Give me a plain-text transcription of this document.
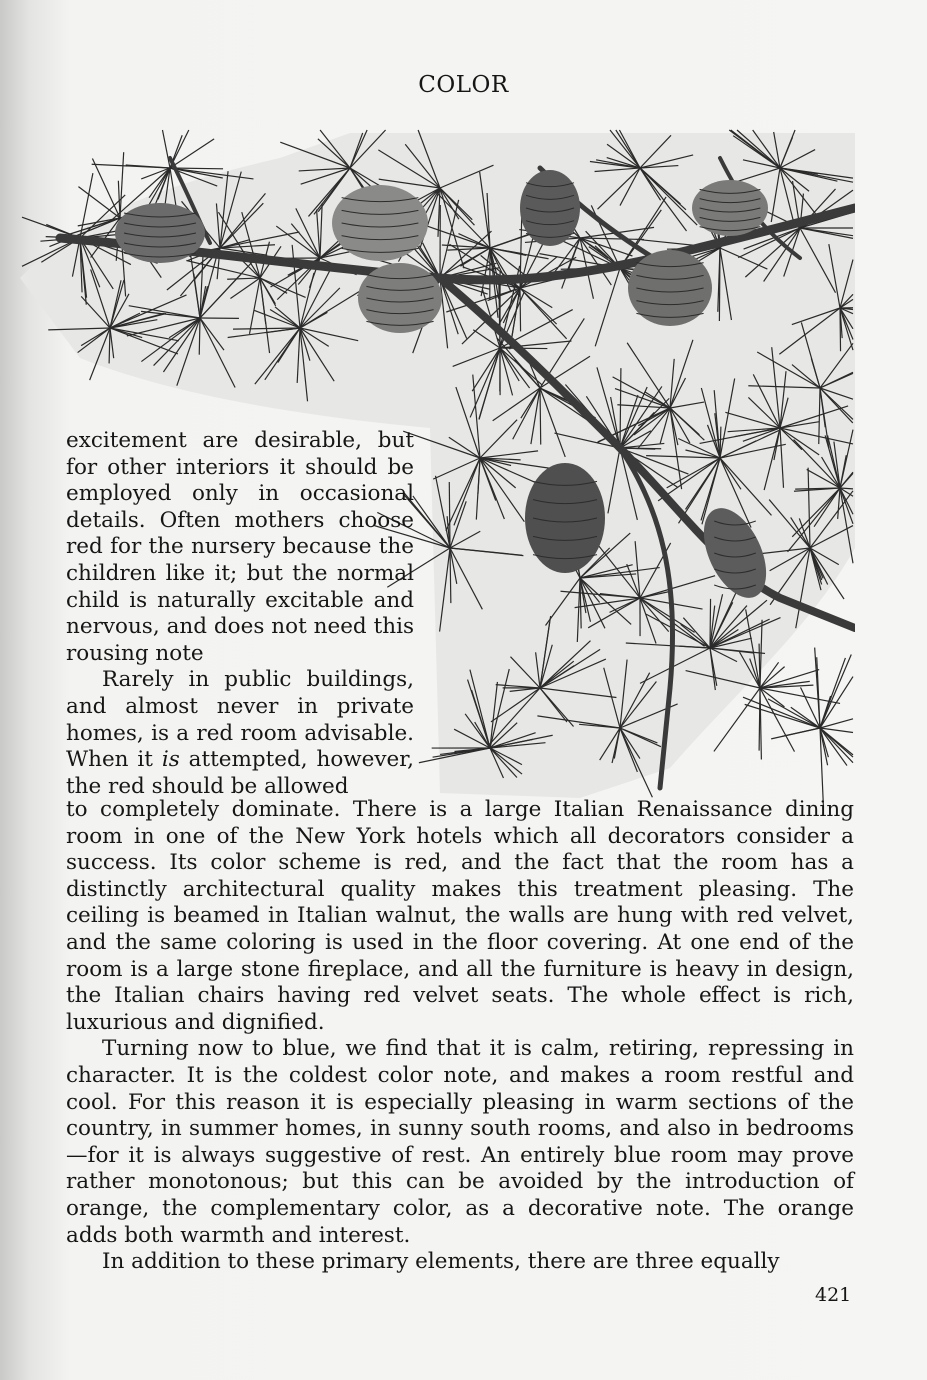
COLOR

excitement are desirable, but for other interiors it should be employed only in occasional details. Often mothers choose red for the nursery because the children like it; but the normal child is naturally excitable and nervous, and does not need this rousing note

Rarely in public buildings, and almost never in private homes, is a red room advisable. When it is attempted, however, the red should be allowed

to completely dominate. There is a large Italian Renaissance dining room in one of the New York hotels which all decorators consider a success. Its color scheme is red, and the fact that the room has a distinctly architectural quality makes this treatment pleasing. The ceiling is beamed in Italian walnut, the walls are hung with red velvet, and the same coloring is used in the floor covering. At one end of the room is a large stone fireplace, and all the furniture is heavy in design, the Italian chairs having red velvet seats. The whole effect is rich, luxurious and dignified.

Turning now to blue, we find that it is calm, retiring, repressing in character. It is the coldest color note, and makes a room restful and cool. For this reason it is especially pleasing in warm sections of the country, in summer homes, in sunny south rooms, and also in bedrooms—for it is always suggestive of rest. An entirely blue room may prove rather monotonous; but this can be avoided by the introduction of orange, the complementary color, as a decorative note. The orange adds both warmth and interest.

In addition to these primary elements, there are three equally

421
